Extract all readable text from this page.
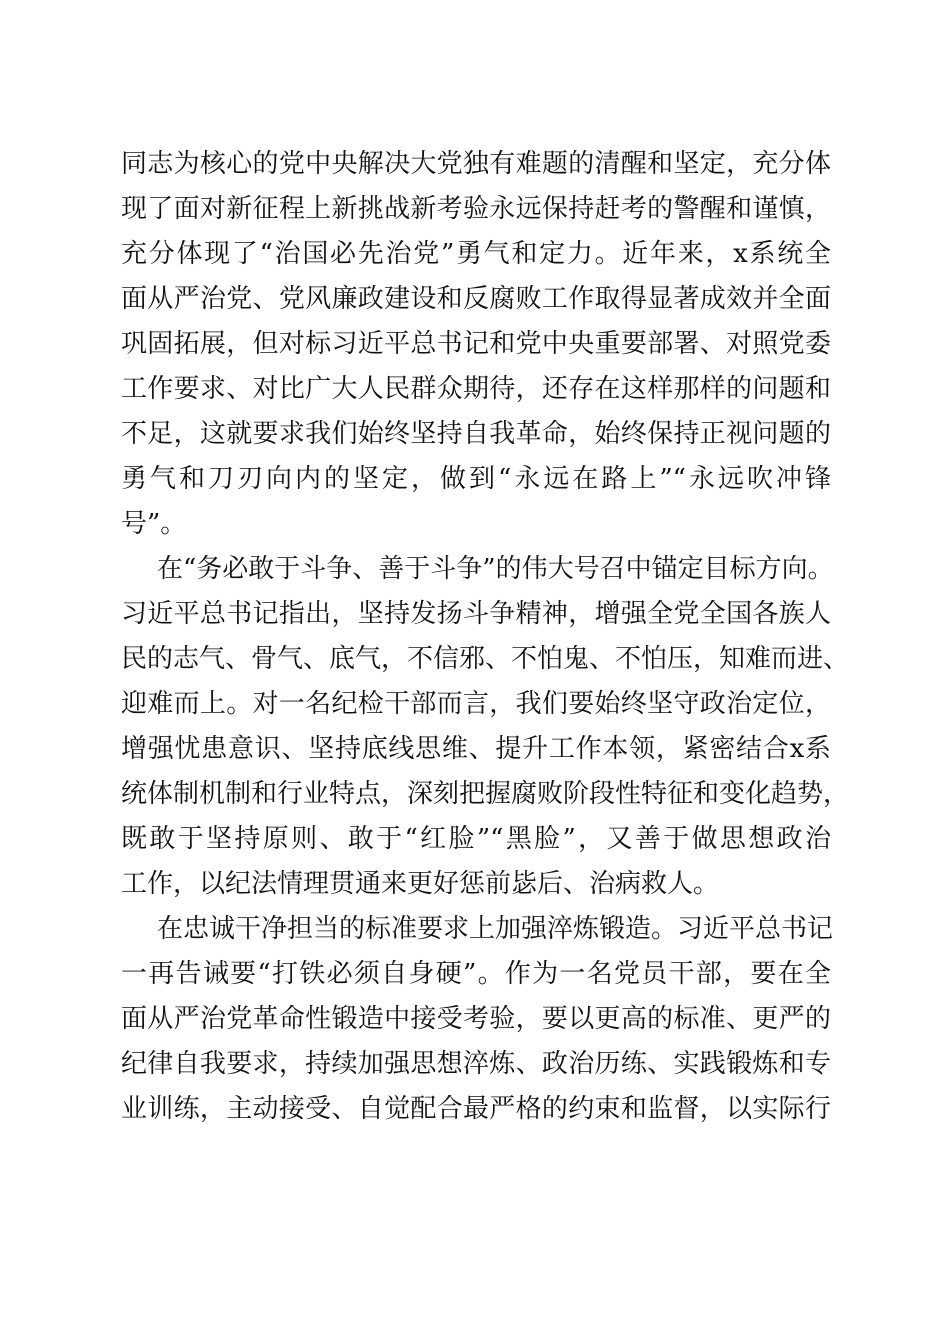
同志为核心的党中央解决大党独有难题的清醒和坚定，充分体
现了面对新征程上新挑战新考验永远保持赶考的警醒和谨慎，
充分体现了“治国必先治党”勇气和定力。近年来，x系统全
面从严治党、党风廉政建设和反腐败工作取得显著成效并全面
巩固拓展，但对标习近平总书记和党中央重要部署、对照党委
工作要求、对比广大人民群众期待，还存在这样那样的问题和
不足，这就要求我们始终坚持自我革命，始终保持正视问题的
勇气和刀刃向内的坚定，做到“永远在路上”“永远吹冲锋
号”。
在“务必敢于斗争、善于斗争”的伟大号召中锚定目标方向。
习近平总书记指出，坚持发扬斗争精神，增强全党全国各族人
民的志气、骨气、底气，不信邪、不怕鬼、不怕压，知难而进、
迎难而上。对一名纪检干部而言，我们要始终坚守政治定位，
增强忧患意识、坚持底线思维、提升工作本领，紧密结合x系
统体制机制和行业特点，深刻把握腐败阶段性特征和变化趋势，
既敢于坚持原则、敢于“红脸”“黑脸”，又善于做思想政治
工作，以纪法情理贯通来更好惩前毖后、治病救人。
在忠诚干净担当的标准要求上加强淬炼锻造。习近平总书记
一再告诫要“打铁必须自身硬”。作为一名党员干部，要在全
面从严治党革命性锻造中接受考验，要以更高的标准、更严的
纪律自我要求，持续加强思想淬炼、政治历练、实践锻炼和专
业训练，主动接受、自觉配合最严格的约束和监督，以实际行
